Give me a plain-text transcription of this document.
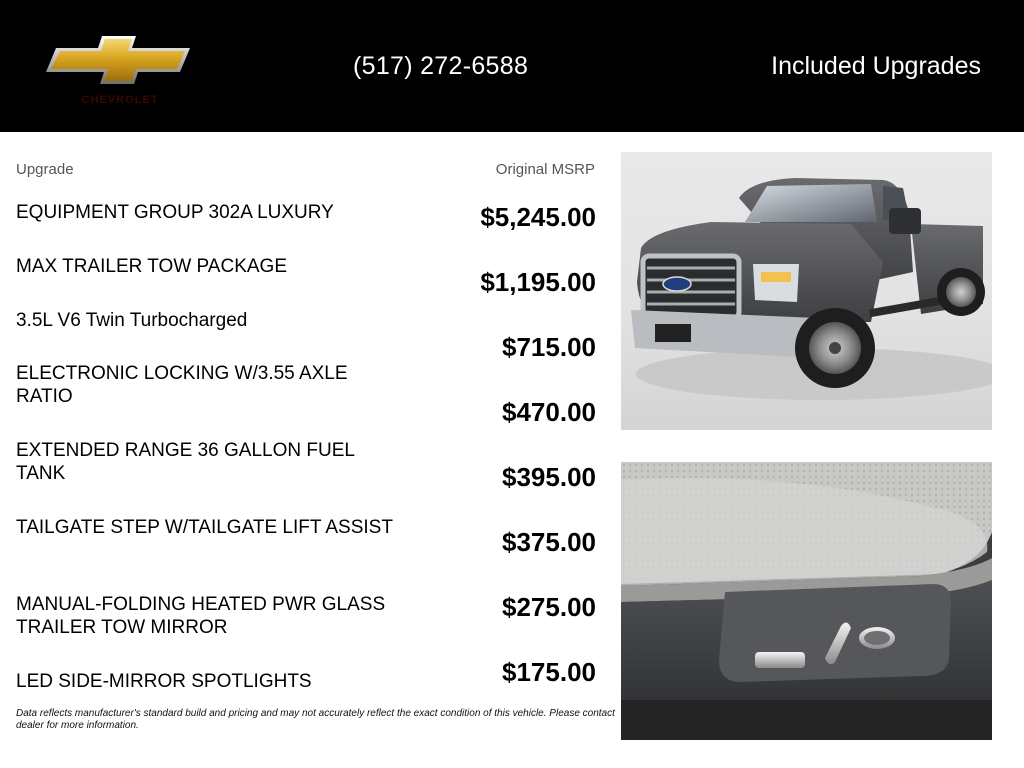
CHEVROLET
(517) 272-6588	Included Upgrades
Upgrade	Original MSRP
EQUIPMENT GROUP 302A LUXURY
MAX TRAILER TOW PACKAGE
3.5L V6 Twin Turbocharged
ELECTRONIC LOCKING W/3.55 AXLE RATIO
EXTENDED RANGE 36 GALLON FUEL TANK
TAILGATE STEP W/TAILGATE LIFT ASSIST
MANUAL-FOLDING HEATED PWR GLASS TRAILER TOW MIRROR
LED SIDE-MIRROR SPOTLIGHTS
$5,245.00
$1,195.00
$715.00
$470.00
$395.00
$375.00
$275.00
$175.00
Data reflects manufacturer's standard build and pricing and may not accurately reflect the exact condition of this vehicle. Please contact dealer for more information.
